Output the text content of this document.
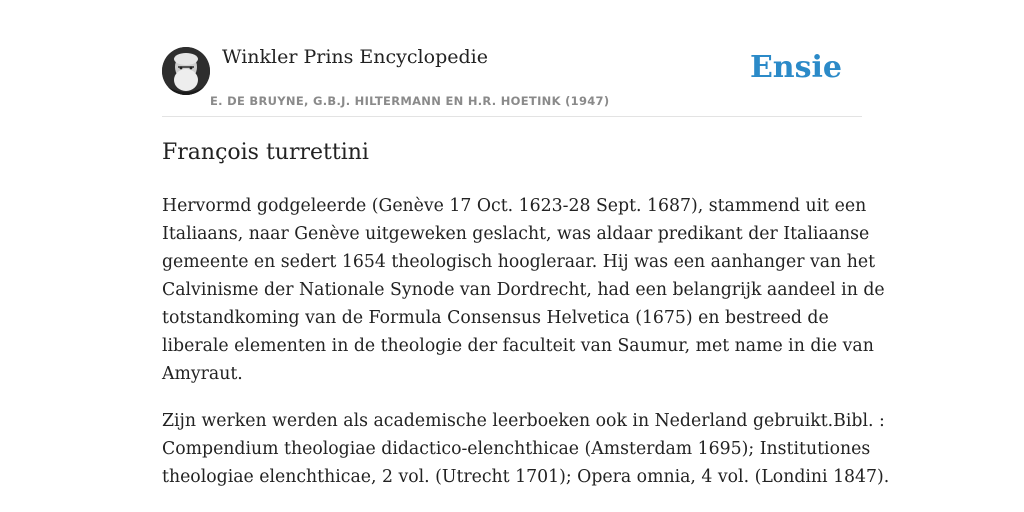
Winkler Prins Encyclopedie
E. DE BRUYNE, G.B.J. HILTERMANN EN H.R. HOETINK (1947)
Ensie
François turrettini

Hervormd godgeleerde (Genève 17 Oct. 1623-28 Sept. 1687), stammend uit een
Italiaans, naar Genève uitgeweken geslacht, was aldaar predikant der Italiaanse
gemeente en sedert 1654 theologisch hoogleraar. Hij was een aanhanger van het
Calvinisme der Nationale Synode van Dordrecht, had een belangrijk aandeel in de
totstandkoming van de Formula Consensus Helvetica (1675) en bestreed de
liberale elementen in de theologie der faculteit van Saumur, met name in die van
Amyraut.

Zijn werken werden als academische leerboeken ook in Nederland gebruikt.Bibl. :
Compendium theologiae didactico-elenchthicae (Amsterdam 1695); Institutiones
theologiae elenchthicae, 2 vol. (Utrecht 1701); Opera omnia, 4 vol. (Londini 1847).
